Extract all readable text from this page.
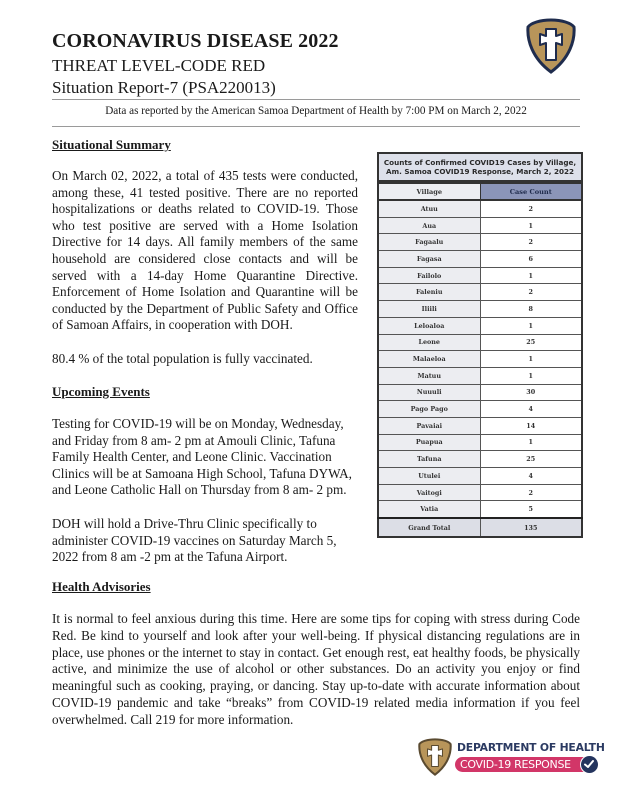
CORONAVIRUS DISEASE 2022
THREAT LEVEL-CODE RED
Situation Report-7 (PSA220013)
Data as reported by the American Samoa Department of Health by 7:00 PM on March 2, 2022
Situational Summary
On March 02, 2022, a total of 435 tests were conducted, among these, 41 tested positive. There are no reported hospitalizations or deaths related to COVID-19. Those who test positive are served with a Home Isolation Directive for 14 days. All family members of the same household are considered close contacts and will be served with a 14-day Home Quarantine Directive. Enforcement of Home Isolation and Quarantine will be conducted by the Department of Public Safety and Office of Samoan Affairs, in cooperation with DOH.
80.4 % of the total population is fully vaccinated.
Upcoming Events
Testing for COVID-19 will be on Monday, Wednesday, and Friday from 8 am- 2 pm at Amouli Clinic, Tafuna Family Health Center, and Leone Clinic. Vaccination Clinics will be at Samoana High School, Tafuna DYWA, and Leone Catholic Hall on Thursday from 8 am- 2 pm.
DOH will hold a Drive-Thru Clinic specifically to administer COVID-19 vaccines on Saturday March 5, 2022 from 8 am -2 pm at the Tafuna Airport.
Counts of Confirmed COVID19 Cases by Village, Am. Samoa COVID19 Response, March 2, 2022
Village	Case Count
Atuu	2
Aua	1
Fagaalu	2
Fagasa	6
Failolo	1
Faleniu	2
Iliili	8
Leloaloa	1
Leone	25
Malaeloa	1
Matuu	1
Nuuuli	30
Pago Pago	4
Pavaiai	14
Puapua	1
Tafuna	25
Utulei	4
Vaitogi	2
Vatia	5
Grand Total	135
Health Advisories
It is normal to feel anxious during this time. Here are some tips for coping with stress during Code Red. Be kind to yourself and look after your well-being. If physical distancing regulations are in place, use phones or the internet to stay in contact. Get enough rest, eat healthy foods, be physically active, and minimize the use of alcohol or other substances. Do an activity you enjoy or find meaningful such as cooking, praying, or dancing. Stay up-to-date with accurate information about COVID-19 pandemic and take “breaks” from COVID-19 related media information if you feel overwhelmed. Call 219 for more information.
DEPARTMENT OF HEALTH
COVID-19 RESPONSE
